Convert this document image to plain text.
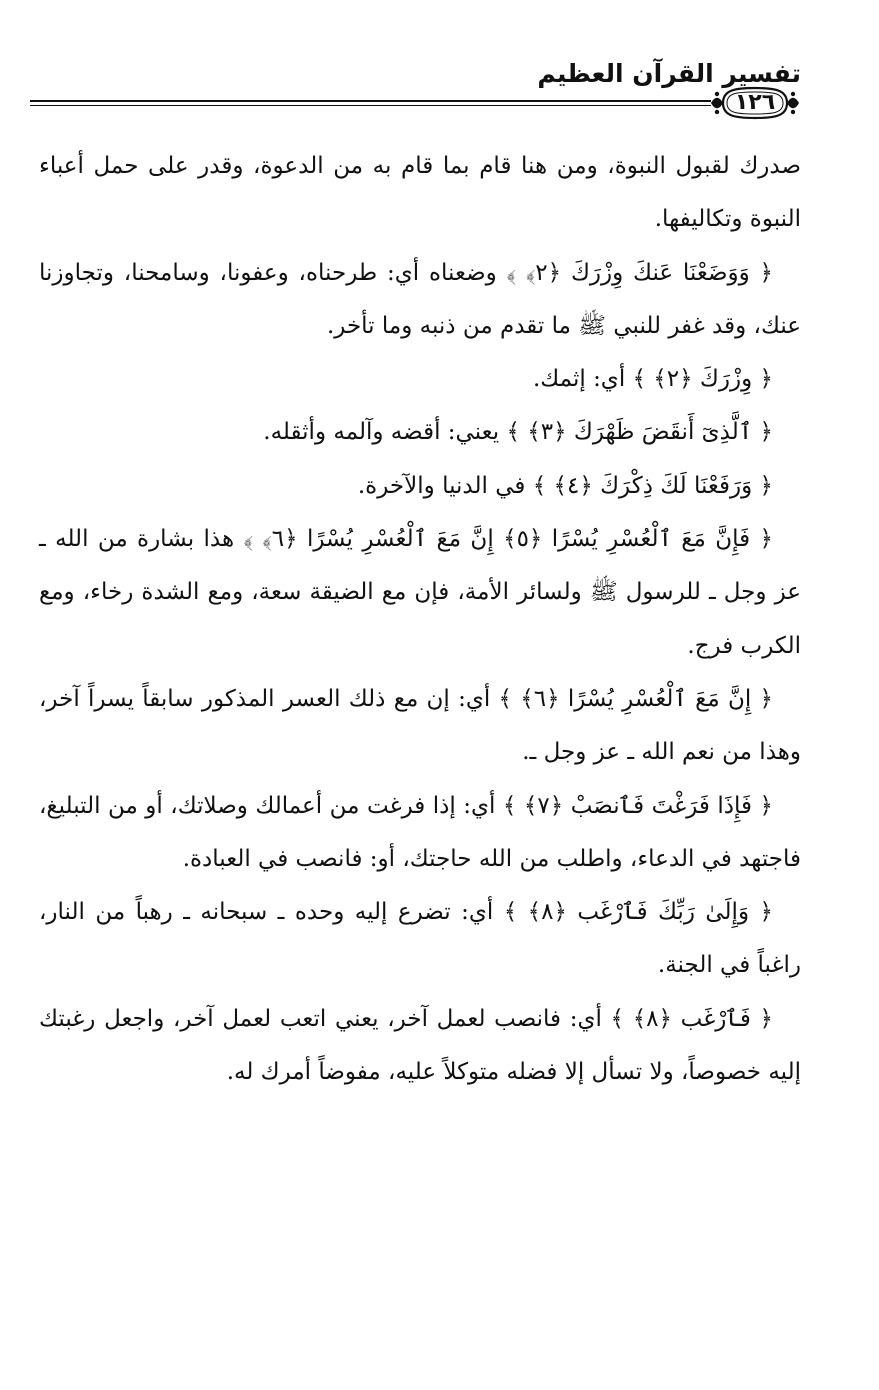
تفسير القرآن العظيم
١٢٦

صدرك لقبول النبوة، ومن هنا قام بما قام به من الدعوة، وقدر على حمل أعباء النبوة وتكاليفها.

﴿ وَوَضَعْنَا عَنكَ وِزْرَكَ ﴿٢﴾ ﴾ وضعناه أي: طرحناه، وعفونا، وسامحنا، وتجاوزنا عنك، وقد غفر للنبي ﷺ ما تقدم من ذنبه وما تأخر.

﴿ وِزْرَكَ ﴿٢﴾ ﴾ أي: إثمك.

﴿ ٱلَّذِىٓ أَنقَضَ ظَهْرَكَ ﴿٣﴾ ﴾ يعني: أقضه وآلمه وأثقله.

﴿ وَرَفَعْنَا لَكَ ذِكْرَكَ ﴿٤﴾ ﴾ في الدنيا والآخرة.

﴿ فَإِنَّ مَعَ ٱلْعُسْرِ يُسْرًا ﴿٥﴾ إِنَّ مَعَ ٱلْعُسْرِ يُسْرًا ﴿٦﴾ ﴾ هذا بشارة من الله ـ عز وجل ـ للرسول ﷺ ولسائر الأمة، فإن مع الضيقة سعة، ومع الشدة رخاء، ومع الكرب فرج.

﴿ إِنَّ مَعَ ٱلْعُسْرِ يُسْرًا ﴿٦﴾ ﴾ أي: إن مع ذلك العسر المذكور سابقاً يسراً آخر، وهذا من نعم الله ـ عز وجل ـ.

﴿ فَإِذَا فَرَغْتَ فَٱنصَبْ ﴿٧﴾ ﴾ أي: إذا فرغت من أعمالك وصلاتك، أو من التبليغ، فاجتهد في الدعاء، واطلب من الله حاجتك، أو: فانصب في العبادة.

﴿ وَإِلَىٰ رَبِّكَ فَٱرْغَب ﴿٨﴾ ﴾ أي: تضرع إليه وحده ـ سبحانه ـ رهباً من النار، راغباً في الجنة.

﴿ فَٱرْغَب ﴿٨﴾ ﴾ أي: فانصب لعمل آخر، يعني اتعب لعمل آخر، واجعل رغبتك إليه خصوصاً، ولا تسأل إلا فضله متوكلاً عليه، مفوضاً أمرك له.
